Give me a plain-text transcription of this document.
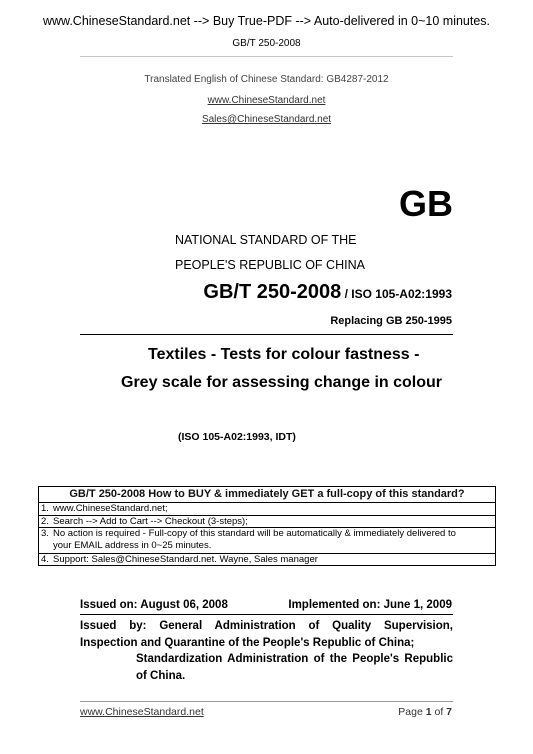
www.ChineseStandard.net --> Buy True-PDF --> Auto-delivered in 0~10 minutes.
GB/T 250-2008
Translated English of Chinese Standard: GB4287-2012
www.ChineseStandard.net
Sales@ChineseStandard.net
GB
NATIONAL STANDARD OF THE
PEOPLE'S REPUBLIC OF CHINA
GB/T 250-2008 / ISO 105-A02:1993
Replacing GB 250-1995
Textiles - Tests for colour fastness -
Grey scale for assessing change in colour
(ISO 105-A02:1993, IDT)
GB/T 250-2008 How to BUY & immediately GET a full-copy of this standard?
1. www.ChineseStandard.net;
2. Search --> Add to Cart --> Checkout (3-steps);
3. No action is required - Full-copy of this standard will be automatically & immediately delivered to
your EMAIL address in 0~25 minutes.
4. Support: Sales@ChineseStandard.net. Wayne, Sales manager
Issued on: August 06, 2008	Implemented on: June 1, 2009
Issued by: General Administration of Quality Supervision, Inspection and Quarantine of the People's Republic of China;
Standardization Administration of the People's Republic of China.
www.ChineseStandard.net	Page 1 of 7
